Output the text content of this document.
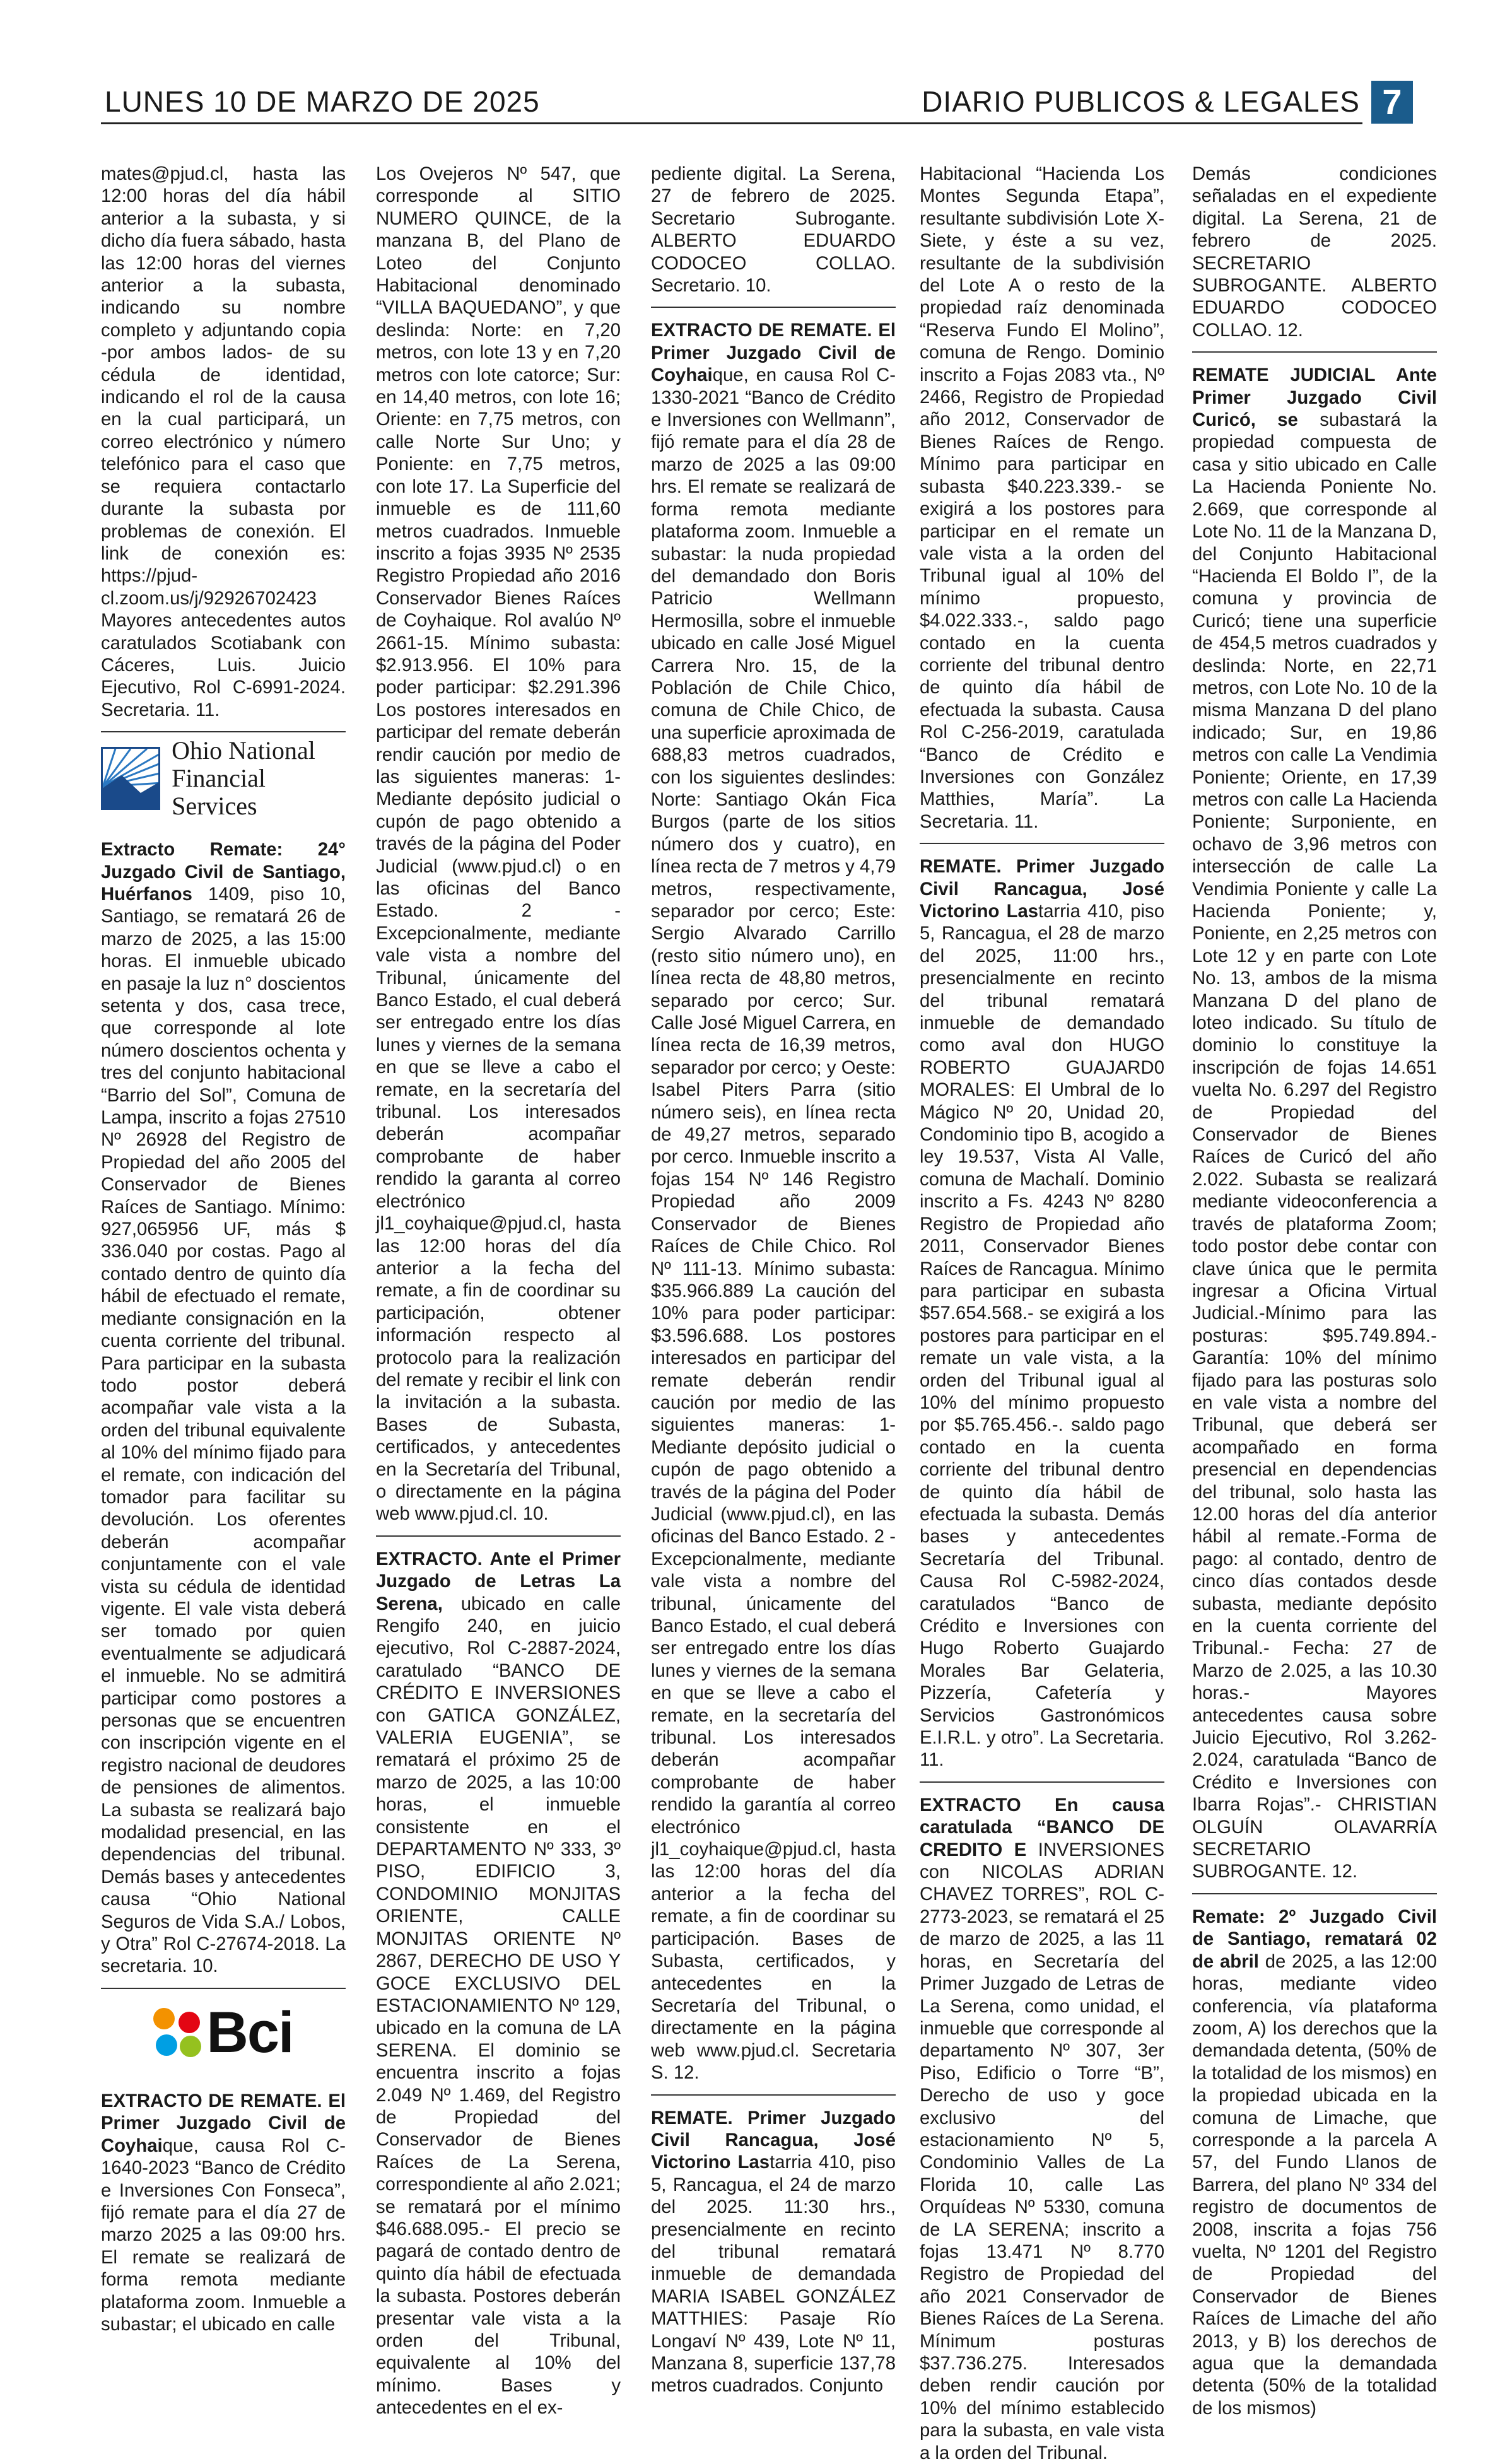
LUNES 10 DE MARZO DE 2025	DIARIO PUBLICOS & LEGALES 7

mates@pjud.cl, hasta las 12:00 horas del día hábil anterior a la subasta, y si dicho día fuera sábado, hasta las 12:00 horas del viernes anterior a la subasta, indicando su nombre completo y adjuntando copia -por ambos lados- de su cédula de identidad, indicando el rol de la causa en la cual participará, un correo electrónico y número telefónico para el caso que se requiera contactarlo durante la subasta por problemas de conexión. El link de conexión es: https://pjud-cl.zoom.us/j/92926702423 Mayores antecedentes autos caratulados Scotiabank con Cáceres, Luis. Juicio Ejecutivo, Rol C-6991-2024. Secretaria. 11.

Ohio National
Financial Services

Extracto Remate: 24° Juzgado Civil de Santiago, Huérfanos 1409, piso 10, Santiago, se rematará 26 de marzo de 2025, a las 15:00 horas. El inmueble ubicado en pasaje la luz n° doscientos setenta y dos, casa trece, que corresponde al lote número doscientos ochenta y tres del conjunto habitacional “Barrio del Sol”, Comuna de Lampa, inscrito a fojas 27510 Nº 26928 del Registro de Propiedad del año 2005 del Conservador de Bienes Raíces de Santiago. Mínimo: 927,065956 UF, más $ 336.040 por costas. Pago al contado dentro de quinto día hábil de efectuado el remate, mediante consignación en la cuenta corriente del tribunal. Para participar en la subasta todo postor deberá acompañar vale vista a la orden del tribunal equivalente al 10% del mínimo fijado para el remate, con indicación del tomador para facilitar su devolución. Los oferentes deberán acompañar conjuntamente con el vale vista su cédula de identidad vigente. El vale vista deberá ser tomado por quien eventualmente se adjudicará el inmueble. No se admitirá participar como postores a personas que se encuentren con inscripción vigente en el registro nacional de deudores de pensiones de alimentos. La subasta se realizará bajo modalidad presencial, en las dependencias del tribunal. Demás bases y antecedentes causa “Ohio National Seguros de Vida S.A./ Lobos, y Otra” Rol C-27674-2018. La secretaria. 10.

Bci

EXTRACTO DE REMATE. El Primer Juzgado Civil de Coyhaique, causa Rol C-1640-2023 “Banco de Crédito e Inversiones Con Fonseca”, fijó remate para el día 27 de marzo 2025 a las 09:00 hrs. El remate se realizará de forma remota mediante plataforma zoom. Inmueble a subastar; el ubicado en calle

Los Ovejeros Nº 547, que corresponde al SITIO NUMERO QUINCE, de la manzana B, del Plano de Loteo del Conjunto Habitacional denominado “VILLA BAQUEDANO”, y que deslinda: Norte: en 7,20 metros, con lote 13 y en 7,20 metros con lote catorce; Sur: en 14,40 metros, con lote 16; Oriente: en 7,75 metros, con calle Norte Sur Uno; y Poniente: en 7,75 metros, con lote 17. La Superficie del inmueble es de 111,60 metros cuadrados. Inmueble inscrito a fojas 3935 Nº 2535 Registro Propiedad año 2016 Conservador Bienes Raíces de Coyhaique. Rol avalúo Nº 2661-15. Mínimo subasta: $2.913.956. El 10% para poder participar: $2.291.396 Los postores interesados en participar del remate deberán rendir caución por medio de las siguientes maneras: 1- Mediante depósito judicial o cupón de pago obtenido a través de la página del Poder Judicial (www.pjud.cl) o en las oficinas del Banco Estado. 2 - Excepcionalmente, mediante vale vista a nombre del Tribunal, únicamente del Banco Estado, el cual deberá ser entregado entre los días lunes y viernes de la semana en que se lleve a cabo el remate, en la secretaría del tribunal. Los interesados deberán acompañar comprobante de haber rendido la garanta al correo electrónico jl1_coyhaique@pjud.cl, hasta las 12:00 horas del día anterior a la fecha del remate, a fin de coordinar su participación, obtener información respecto al protocolo para la realización del remate y recibir el link con la invitación a la subasta. Bases de Subasta, certificados, y antecedentes en la Secretaría del Tribunal, o directamente en la página web www.pjud.cl. 10.

EXTRACTO. Ante el Primer Juzgado de Letras La Serena, ubicado en calle Rengifo 240, en juicio ejecutivo, Rol C-2887-2024, caratulado “BANCO DE CRÉDITO E INVERSIONES con GATICA GONZÁLEZ, VALERIA EUGENIA”, se rematará el próximo 25 de marzo de 2025, a las 10:00 horas, el inmueble consistente en el DEPARTAMENTO Nº 333, 3º PISO, EDIFICIO 3, CONDOMINIO MONJITAS ORIENTE, CALLE MONJITAS ORIENTE Nº 2867, DERECHO DE USO Y GOCE EXCLUSIVO DEL ESTACIONAMIENTO Nº 129, ubicado en la comuna de LA SERENA. El dominio se encuentra inscrito a fojas 2.049 Nº 1.469, del Registro de Propiedad del Conservador de Bienes Raíces de La Serena, correspondiente al año 2.021; se rematará por el mínimo $46.688.095.- El precio se pagará de contado dentro de quinto día hábil de efectuada la subasta. Postores deberán presentar vale vista a la orden del Tribunal, equivalente al 10% del mínimo. Bases y antecedentes en el ex-

pediente digital. La Serena, 27 de febrero de 2025. Secretario Subrogante. ALBERTO EDUARDO CODOCEO COLLAO. Secretario. 10.

EXTRACTO DE REMATE. El Primer Juzgado Civil de Coyhaique, en causa Rol C-1330-2021 “Banco de Crédito e Inversiones con Wellmann”, fijó remate para el día 28 de marzo de 2025 a las 09:00 hrs. El remate se realizará de forma remota mediante plataforma zoom. Inmueble a subastar: la nuda propiedad del demandado don Boris Patricio Wellmann Hermosilla, sobre el inmueble ubicado en calle José Miguel Carrera Nro. 15, de la Población de Chile Chico, comuna de Chile Chico, de una superficie aproximada de 688,83 metros cuadrados, con los siguientes deslindes: Norte: Santiago Okán Fica Burgos (parte de los sitios número dos y cuatro), en línea recta de 7 metros y 4,79 metros, respectivamente, separador por cerco; Este: Sergio Alvarado Carrillo (resto sitio número uno), en línea recta de 48,80 metros, separado por cerco; Sur. Calle José Miguel Carrera, en línea recta de 16,39 metros, separador por cerco; y Oeste: Isabel Piters Parra (sitio número seis), en línea recta de 49,27 metros, separado por cerco. Inmueble inscrito a fojas 154 Nº 146 Registro Propiedad año 2009 Conservador de Bienes Raíces de Chile Chico. Rol Nº 111-13. Mínimo subasta: $35.966.889 La caución del 10% para poder participar: $3.596.688. Los postores interesados en participar del remate deberán rendir caución por medio de las siguientes maneras: 1- Mediante depósito judicial o cupón de pago obtenido a través de la página del Poder Judicial (www.pjud.cl), en las oficinas del Banco Estado. 2 -Excepcionalmente, mediante vale vista a nombre del tribunal, únicamente del Banco Estado, el cual deberá ser entregado entre los días lunes y viernes de la semana en que se lleve a cabo el remate, en la secretaría del tribunal. Los interesados deberán acompañar comprobante de haber rendido la garantía al correo electrónico jl1_coyhaique@pjud.cl, hasta las 12:00 horas del día anterior a la fecha del remate, a fin de coordinar su participación. Bases de Subasta, certificados, y antecedentes en la Secretaría del Tribunal, o directamente en la página web www.pjud.cl. Secretaria S. 12.

REMATE. Primer Juzgado Civil Rancagua, José Victorino Lastarria 410, piso 5, Rancagua, el 24 de marzo del 2025. 11:30 hrs., presencialmente en recinto del tribunal rematará inmueble de demandada MARIA ISABEL GONZÁLEZ MATTHIES: Pasaje Río Longaví Nº 439, Lote Nº 11, Manzana 8, superficie 137,78 metros cuadrados. Conjunto

Habitacional “Hacienda Los Montes Segunda Etapa”, resultante subdivisión Lote X-Siete, y éste a su vez, resultante de la subdivisión del Lote A o resto de la propiedad raíz denominada “Reserva Fundo El Molino”, comuna de Rengo. Dominio inscrito a Fojas 2083 vta., Nº 2466, Registro de Propiedad año 2012, Conservador de Bienes Raíces de Rengo. Mínimo para participar en subasta $40.223.339.- se exigirá a los postores para participar en el remate un vale vista a la orden del Tribunal igual al 10% del mínimo propuesto, $4.022.333.-, saldo pago contado en la cuenta corriente del tribunal dentro de quinto día hábil de efectuada la subasta. Causa Rol C-256-2019, caratulada “Banco de Crédito e Inversiones con González Matthies, María”. La Secretaria. 11.

REMATE. Primer Juzgado Civil Rancagua, José Victorino Lastarria 410, piso 5, Rancagua, el 28 de marzo del 2025, 11:00 hrs., presencialmente en recinto del tribunal rematará inmueble de demandado como aval don HUGO ROBERTO GUAJARD0 MORALES: El Umbral de lo Mágico Nº 20, Unidad 20, Condominio tipo B, acogido a ley 19.537, Vista Al Valle, comuna de Machalí. Dominio inscrito a Fs. 4243 Nº 8280 Registro de Propiedad año 2011, Conservador Bienes Raíces de Rancagua. Mínimo para participar en subasta $57.654.568.- se exigirá a los postores para participar en el remate un vale vista, a la orden del Tribunal igual al 10% del mínimo propuesto por $5.765.456.-. saldo pago contado en la cuenta corriente del tribunal dentro de quinto día hábil de efectuada la subasta. Demás bases y antecedentes Secretaría del Tribunal. Causa Rol C-5982-2024, caratulados “Banco de Crédito e Inversiones con Hugo Roberto Guajardo Morales Bar Gelateria, Pizzería, Cafetería y Servicios Gastronómicos E.I.R.L. y otro”. La Secretaria. 11.

EXTRACTO En causa caratulada “BANCO DE CREDITO E INVERSIONES con NICOLAS ADRIAN CHAVEZ TORRES”, ROL C-2773-2023, se rematará el 25 de marzo de 2025, a las 11 horas, en Secretaría del Primer Juzgado de Letras de La Serena, como unidad, el inmueble que corresponde al departamento Nº 307, 3er Piso, Edificio o Torre “B”, Derecho de uso y goce exclusivo del estacionamiento Nº 5, Condominio Valles de La Florida 10, calle Las Orquídeas Nº 5330, comuna de LA SERENA; inscrito a fojas 13.471 Nº 8.770 Registro de Propiedad del año 2021 Conservador de Bienes Raíces de La Serena. Mínimum posturas $37.736.275. Interesados deben rendir caución por 10% del mínimo establecido para la subasta, en vale vista a la orden del Tribunal.

Demás condiciones señaladas en el expediente digital. La Serena, 21 de febrero de 2025. SECRETARIO SUBROGANTE. ALBERTO EDUARDO CODOCEO COLLAO. 12.

REMATE JUDICIAL Ante Primer Juzgado Civil Curicó, se subastará la propiedad compuesta de casa y sitio ubicado en Calle La Hacienda Poniente No. 2.669, que corresponde al Lote No. 11 de la Manzana D, del Conjunto Habitacional “Hacienda El Boldo I”, de la comuna y provincia de Curicó; tiene una superficie de 454,5 metros cuadrados y deslinda: Norte, en 22,71 metros, con Lote No. 10 de la misma Manzana D del plano indicado; Sur, en 19,86 metros con calle La Vendimia Poniente; Oriente, en 17,39 metros con calle La Hacienda Poniente; Surponiente, en ochavo de 3,96 metros con intersección de calle La Vendimia Poniente y calle La Hacienda Poniente; y, Poniente, en 2,25 metros con Lote 12 y en parte con Lote No. 13, ambos de la misma Manzana D del plano de loteo indicado. Su título de dominio lo constituye la inscripción de fojas 14.651 vuelta No. 6.297 del Registro de Propiedad del Conservador de Bienes Raíces de Curicó del año 2.022. Subasta se realizará mediante videoconferencia a través de plataforma Zoom; todo postor debe contar con clave única que le permita ingresar a Oficina Virtual Judicial.-Mínimo para las posturas: $95.749.894.- Garantía: 10% del mínimo fijado para las posturas solo en vale vista a nombre del Tribunal, que deberá ser acompañado en forma presencial en dependencias del tribunal, solo hasta las 12.00 horas del día anterior hábil al remate.-Forma de pago: al contado, dentro de cinco días contados desde subasta, mediante depósito en la cuenta corriente del Tribunal.- Fecha: 27 de Marzo de 2.025, a las 10.30 horas.- Mayores antecedentes causa sobre Juicio Ejecutivo, Rol 3.262-2.024, caratulada “Banco de Crédito e Inversiones con Ibarra Rojas”.- CHRISTIAN OLGUÍN OLAVARRÍA SECRETARIO SUBROGANTE. 12.

Remate: 2º Juzgado Civil de Santiago, rematará 02 de abril de 2025, a las 12:00 horas, mediante video conferencia, vía plataforma zoom, A) los derechos que la demandada detenta, (50% de la totalidad de los mismos) en la propiedad ubicada en la comuna de Limache, que corresponde a la parcela A 57, del Fundo Llanos de Barrera, del plano Nº 334 del registro de documentos de 2008, inscrita a fojas 756 vuelta, Nº 1201 del Registro de Propiedad del Conservador de Bienes Raíces de Limache del año 2013, y B) los derechos de agua que la demandada detenta (50% de la totalidad de los mismos)
